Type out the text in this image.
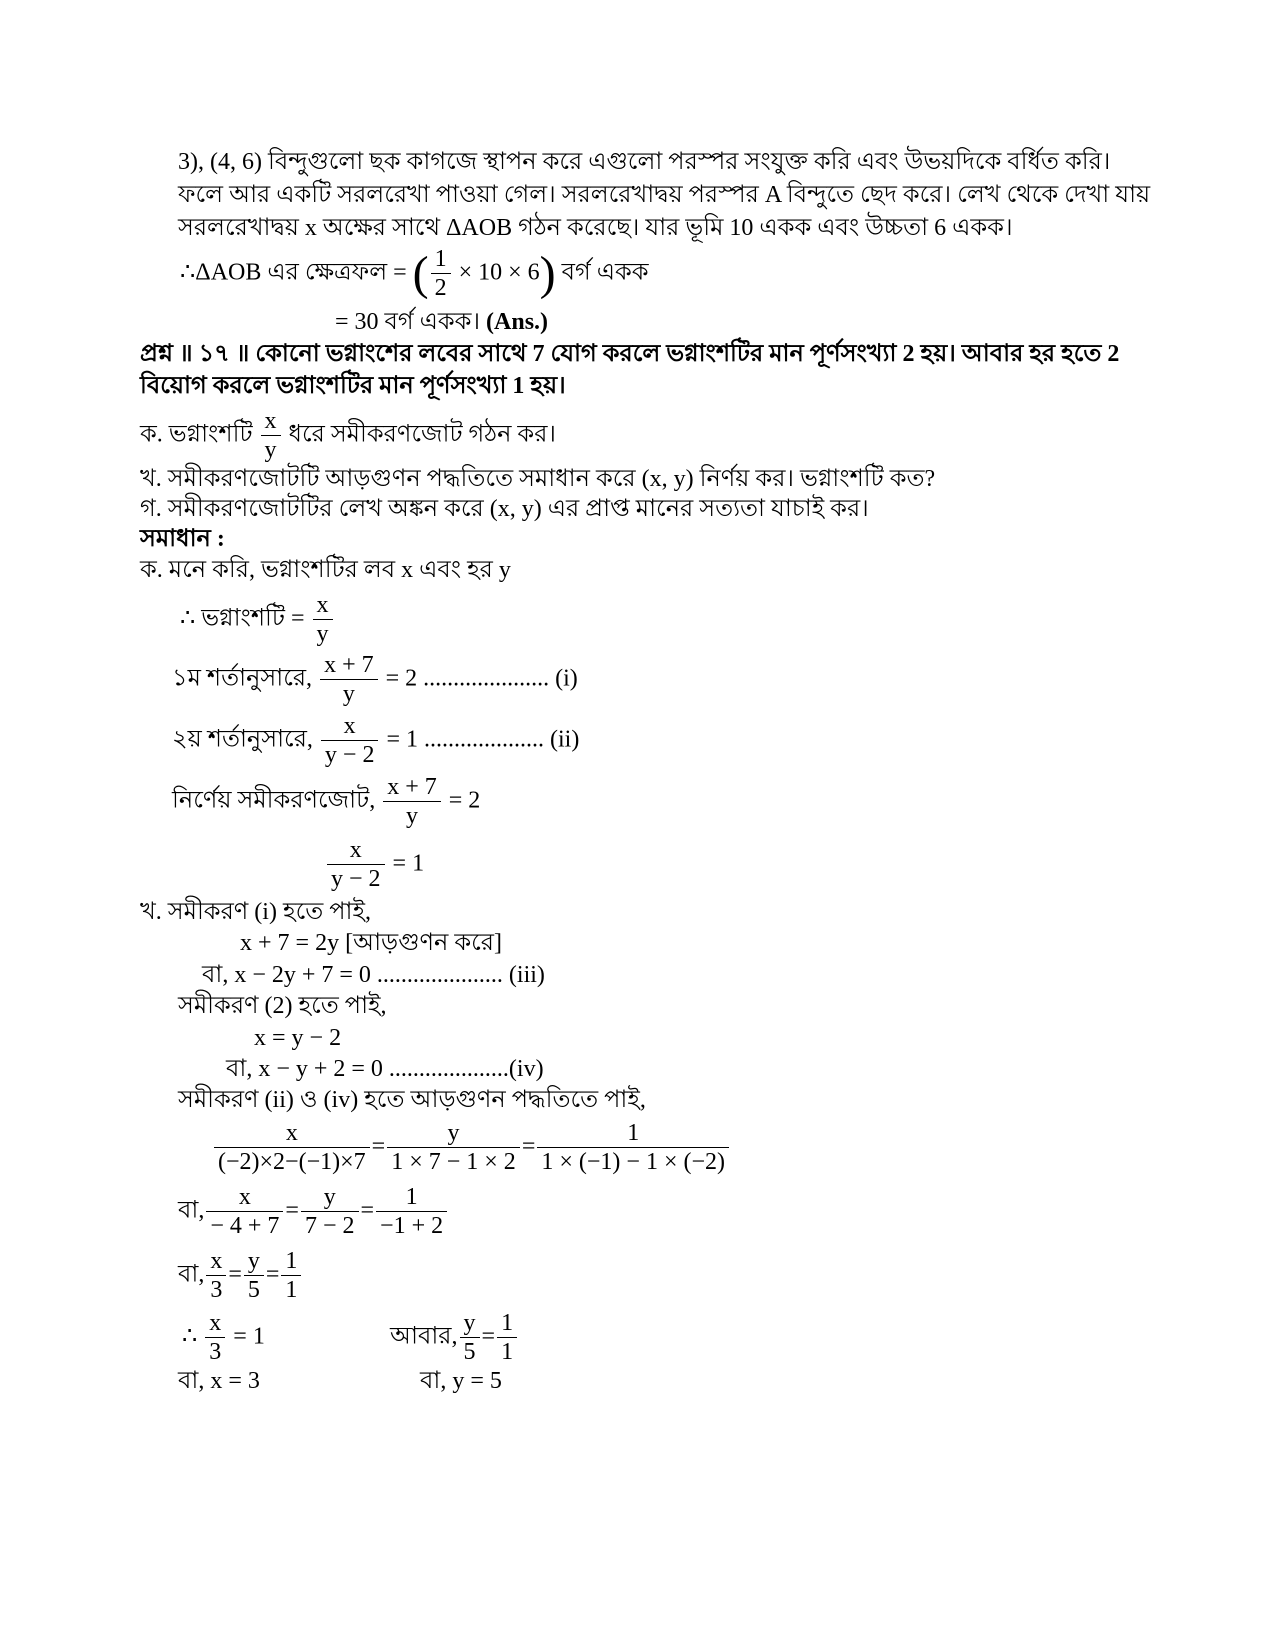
3), (4, 6) বিন্দুগুলো ছক কাগজে স্থাপন করে এগুলো পরস্পর সংযুক্ত করি এবং উভয়দিকে বর্ধিত করি।
ফলে আর একটি সরলরেখা পাওয়া গেল। সরলরেখাদ্বয় পরস্পর A বিন্দুতে ছেদ করে। লেখ থেকে দেখা যায়
সরলরেখাদ্বয় x অক্ষের সাথে ΔAOB গঠন করেছে। যার ভূমি 10 একক এবং উচ্চতা 6 একক।
∴ΔAOB এর ক্ষেত্রফল = ( $\frac{1}{2} \times 10 \times 6$) বর্গ একক
= 30 বর্গ একক। (Ans.)
প্রশ্ন ॥ ১৭ ॥ কোনো ভগ্নাংশের লবের সাথে 7 যোগ করলে ভগ্নাংশটির মান পূর্ণসংখ্যা 2 হয়। আবার হর হতে 2
বিয়োগ করলে ভগ্নাংশটির মান পূর্ণসংখ্যা 1 হয়।
ক. ভগ্নাংশটি $\frac{x}{y}$ ধরে সমীকরণজোট গঠন কর।
খ. সমীকরণজোটটি আড়গুণন পদ্ধতিতে সমাধান করে (x, y) নির্ণয় কর। ভগ্নাংশটি কত?
গ. সমীকরণজোটটির লেখ অঙ্কন করে (x, y) এর প্রাপ্ত মানের সত্যতা যাচাই কর।
সমাধান :
ক. মনে করি, ভগ্নাংশটির লব x এবং হর y
∴ ভগ্নাংশটি = $\frac{x}{y}$
১ম শর্তানুসারে, $\frac{x + 7}{y} = 2$ ..................... (i)
২য় শর্তানুসারে, $\frac{x}{y - 2} = 1$ .................... (ii)
নির্ণেয় সমীকরণজোট, $\frac{x + 7}{y} = 2$
$\frac{x}{y - 2} = 1$
খ. সমীকরণ (i) হতে পাই,
x + 7 = 2y [আড়গুণন করে]
বা, x − 2y + 7 = 0 ..................... (iii)
সমীকরণ (2) হতে পাই,
x = y − 2
বা, x − y + 2 = 0 ....................(iv)
সমীকরণ (ii) ও (iv) হতে আড়গুণন পদ্ধতিতে পাই,
$\frac{x}{(-2)\times 2-(-1)\times 7} = \frac{y}{1 \times 7 - 1 \times 2} = \frac{1}{1 \times (-1) - 1 \times (-2)}$
বা, $\frac{x}{- 4 + 7} = \frac{y}{7 - 2} = \frac{1}{-1 + 2}$
বা, $\frac{x}{3} = \frac{y}{5} = \frac{1}{1}$
∴ $\frac{x}{3} = 1$	আবার, $\frac{y}{5} = \frac{1}{1}$
বা, x = 3	বা, y = 5
